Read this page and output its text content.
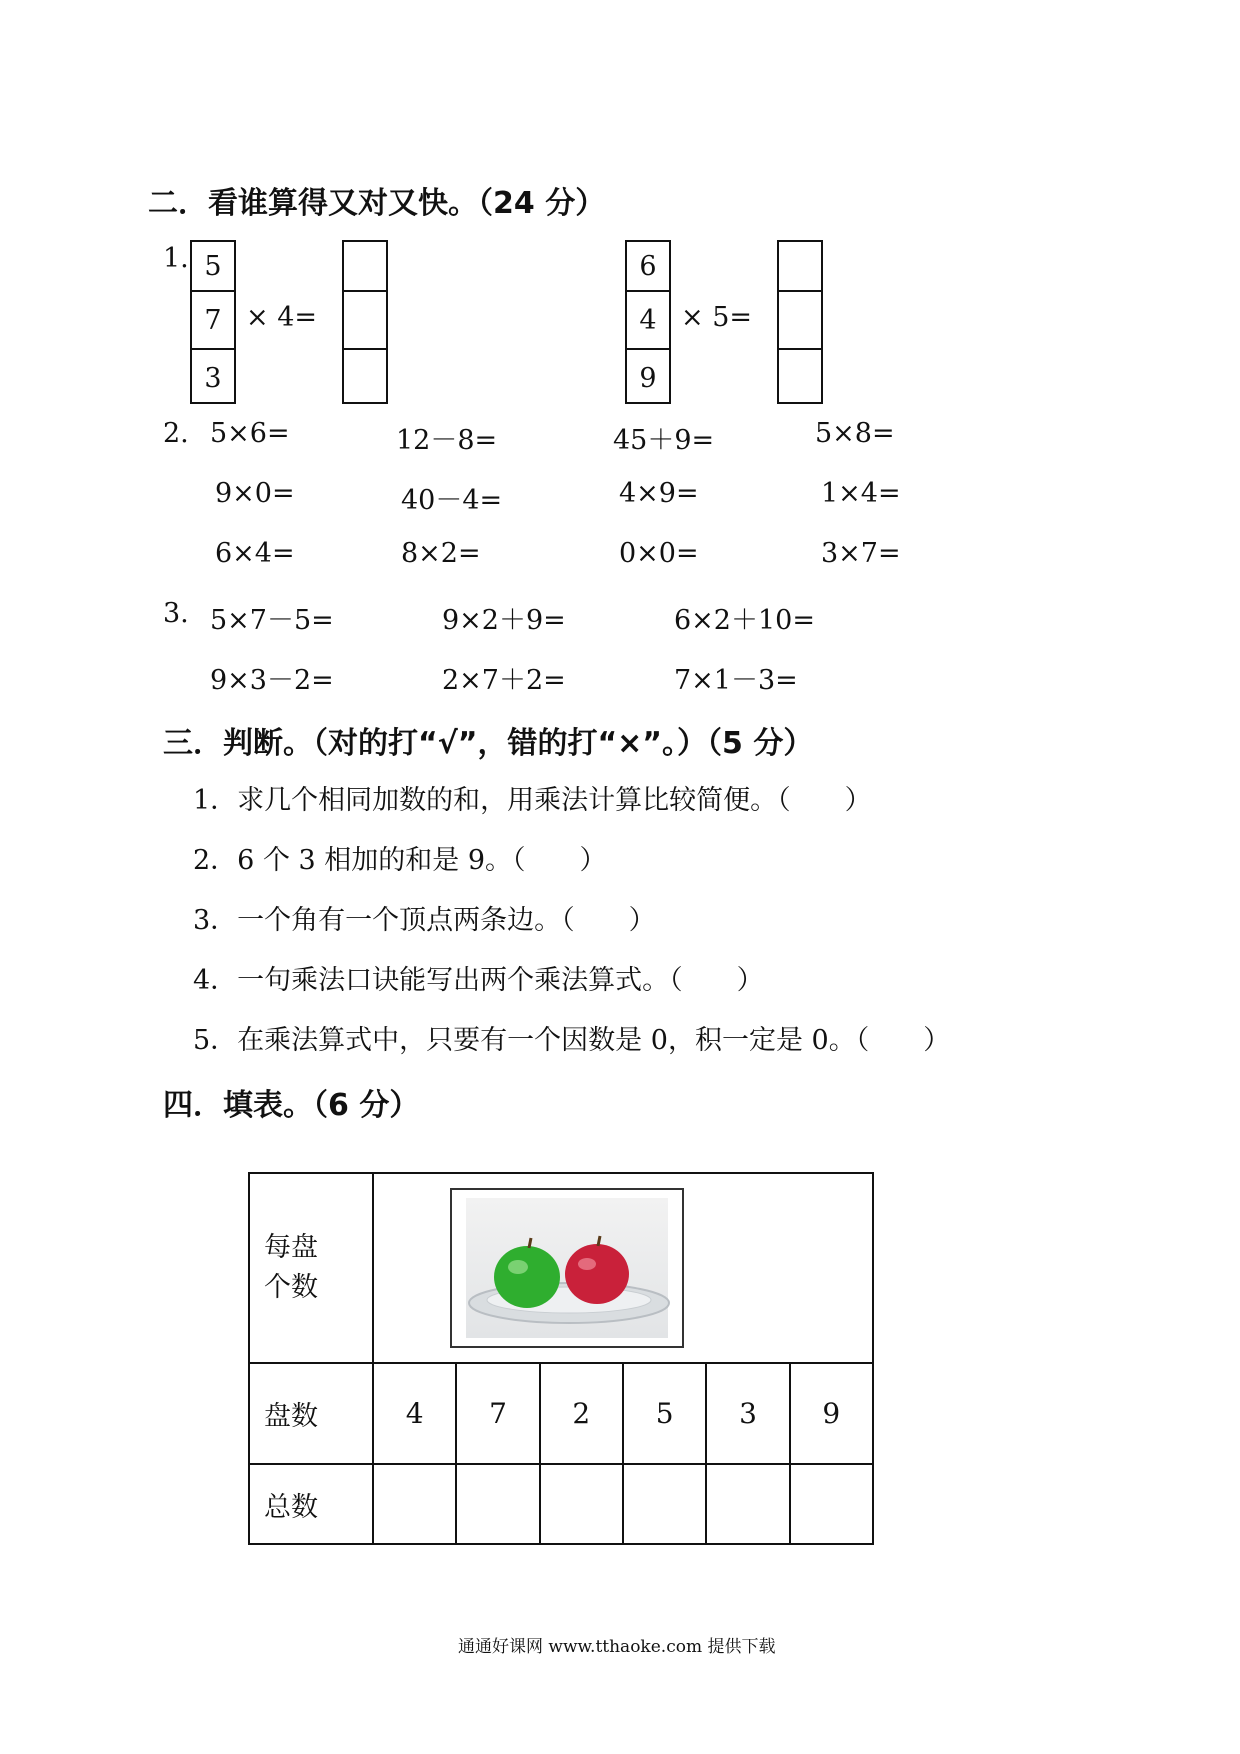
二．看谁算得又对又快。（24 分）
1. 5
7
3
× 4=
6
4
9
× 5=
2. 5×6=	12－8=	45＋9=	5×8=
9×0=	40－4=	4×9=	1×4=
6×4=	8×2=	0×0=	3×7=
3. 5×7－5=	9×2＋9=	6×2＋10=
9×3－2=	2×7＋2=	7×1－3=
三．判断。（对的打“√”，错的打“×”。）（5 分）
1．求几个相同加数的和，用乘法计算比较简便。（　　）
2．6 个 3 相加的和是 9。（　　）
3．一个角有一个顶点两条边。（　　）
4．一句乘法口诀能写出两个乘法算式。（　　）
5．在乘法算式中，只要有一个因数是 0，积一定是 0。（　　）
四．填表。（6 分）
每盘个数

盘数	4	7	2	5	3	9
总数						
通通好课网 www.tthaoke.com 提供下载
